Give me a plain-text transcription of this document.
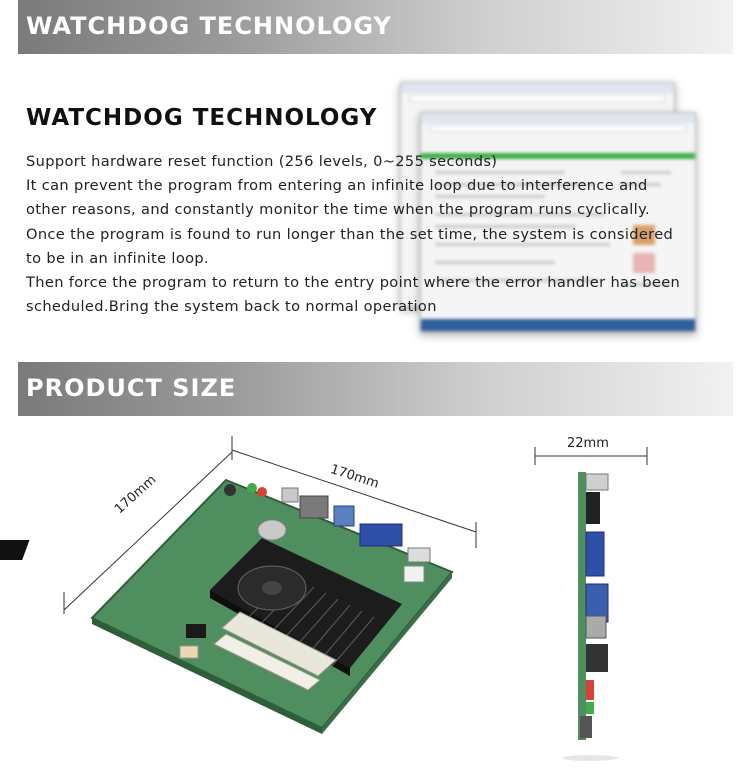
WATCHDOG TECHNOLOGY
WATCHDOG TECHNOLOGY
Support hardware reset function (256 levels, 0~255 seconds)
It can prevent the program from entering an infinite loop due to interference and
other reasons, and constantly monitor the time when the program runs cyclically.
Once the program is found to run longer than the set time, the system is considered
to be in an infinite loop.
Then force the program to return to the entry point where the error handler has been
scheduled.Bring the system back to normal operation
PRODUCT SIZE
170mm	170mm
22mm
